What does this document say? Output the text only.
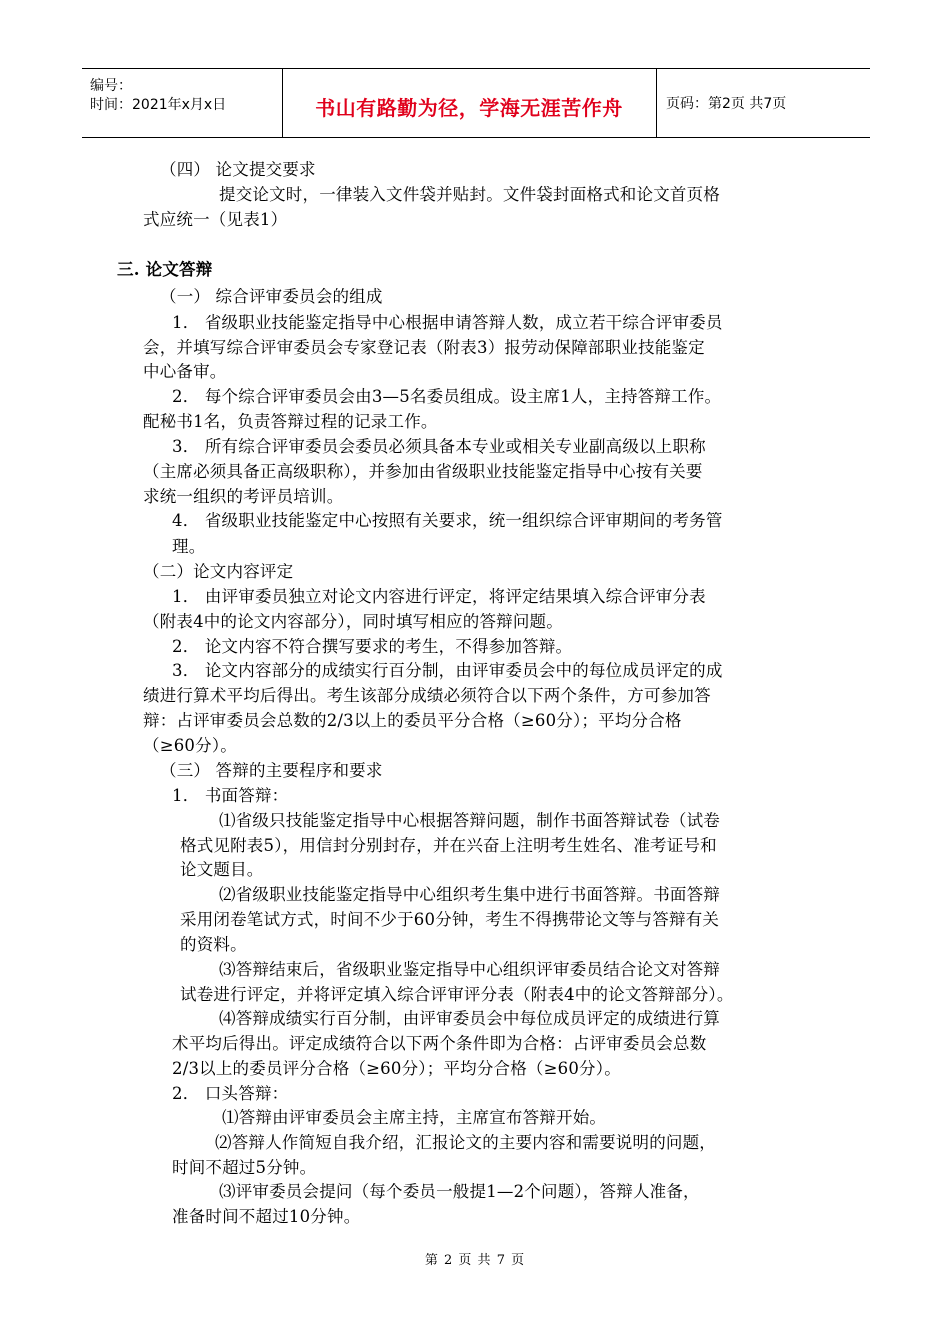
编号：
时间：2021年x月x日	书山有路勤为径，学海无涯苦作舟	页码：第2页 共7页
（四） 论文提交要求
提交论文时，一律装入文件袋并贴封。文件袋封面格式和论文首页格
式应统一（见表1）
三. 论文答辩
（一） 综合评审委员会的组成
1． 省级职业技能鉴定指导中心根据申请答辩人数，成立若干综合评审委员
会，并填写综合评审委员会专家登记表（附表3）报劳动保障部职业技能鉴定
中心备审。
2． 每个综合评审委员会由3—5名委员组成。设主席1人，主持答辩工作。
配秘书1名，负责答辩过程的记录工作。
3． 所有综合评审委员会委员必须具备本专业或相关专业副高级以上职称
（主席必须具备正高级职称），并参加由省级职业技能鉴定指导中心按有关要
求统一组织的考评员培训。
4． 省级职业技能鉴定中心按照有关要求，统一组织综合评审期间的考务管
理。
（二）论文内容评定
1． 由评审委员独立对论文内容进行评定，将评定结果填入综合评审分表
（附表4中的论文内容部分），同时填写相应的答辩问题。
2． 论文内容不符合撰写要求的考生，不得参加答辩。
3． 论文内容部分的成绩实行百分制，由评审委员会中的每位成员评定的成
绩进行算术平均后得出。考生该部分成绩必须符合以下两个条件，方可参加答
辩：占评审委员会总数的2/3以上的委员平分合格（≥60分）；平均分合格
（≥60分）。
（三） 答辩的主要程序和要求
1． 书面答辩：
⑴省级只技能鉴定指导中心根据答辩问题，制作书面答辩试卷（试卷
格式见附表5），用信封分别封存，并在兴奋上注明考生姓名、准考证号和
论文题目。
⑵省级职业技能鉴定指导中心组织考生集中进行书面答辩。书面答辩
采用闭卷笔试方式，时间不少于60分钟，考生不得携带论文等与答辩有关
的资料。
⑶答辩结束后，省级职业鉴定指导中心组织评审委员结合论文对答辩
试卷进行评定，并将评定填入综合评审评分表（附表4中的论文答辩部分）。
⑷答辩成绩实行百分制，由评审委员会中每位成员评定的成绩进行算
术平均后得出。评定成绩符合以下两个条件即为合格：占评审委员会总数
2/3以上的委员评分合格（≥60分）；平均分合格（≥60分）。
2． 口头答辩：
⑴答辩由评审委员会主席主持，主席宣布答辩开始。
⑵答辩人作简短自我介绍，汇报论文的主要内容和需要说明的问题，
时间不超过5分钟。
⑶评审委员会提问（每个委员一般提1—2个问题），答辩人准备，
准备时间不超过10分钟。
第 2 页 共 7 页
